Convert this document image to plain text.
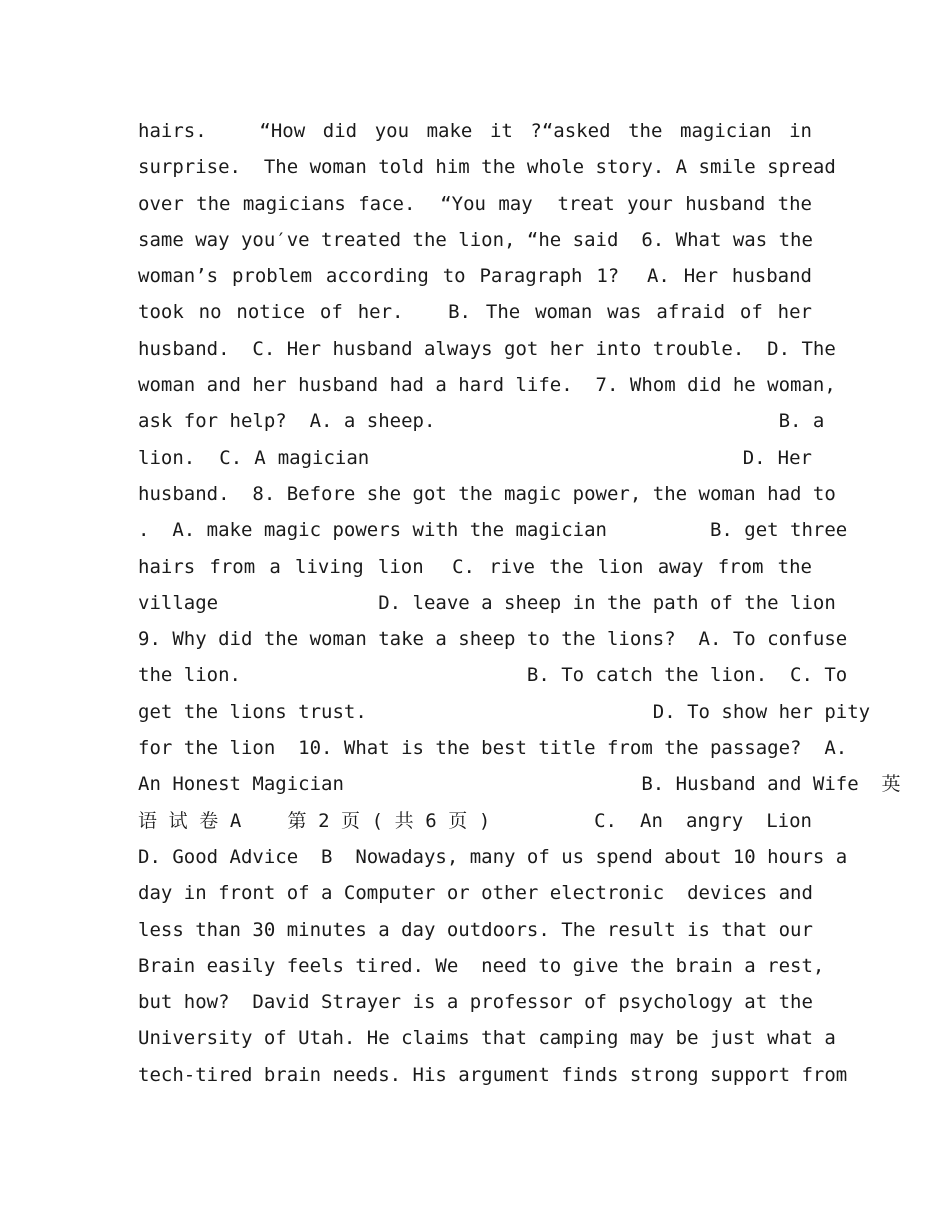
hairs.   “How did you make it ?“asked the magician in
surprise.  The woman told him the whole story. A smile spread
over the magicians face.  “You may  treat your husband the
same way you′ve treated the lion, “he said  6. What was the
woman’s problem according to Paragraph 1?  A. Her husband
took no notice of her.   B. The woman was afraid of her
husband.  C. Her husband always got her into trouble.  D. The
woman and her husband had a hard life.  7. Whom did he woman,
ask for help?  A. a sheep.                              B. a
lion.  C. A magician                               D. Her
husband.  8. Before she got the magic power, the woman had to
.  A. make magic powers with the magician         B. get three
hairs from a living lion  C. rive the lion away from the
village              D. leave a sheep in the path of the lion
9. Why did the woman take a sheep to the lions?  A. To confuse
the lion.                         B. To catch the lion.  C. To
get the lions trust.                         D. To show her pity
for the lion  10. What is the best title from the passage?  A.
An Honest Magician                          B. Husband and Wife  英
语 试 卷 A    第 2 页 ( 共 6 页 )         C.  An  angry  Lion
D. Good Advice  B  Nowadays, many of us spend about 10 hours a
day in front of a Computer or other electronic  devices and
less than 30 minutes a day outdoors. The result is that our
Brain easily feels tired. We  need to give the brain a rest,
but how?  David Strayer is a professor of psychology at the
University of Utah. He claims that camping may be just what a
tech-tired brain needs. His argument finds strong support from
